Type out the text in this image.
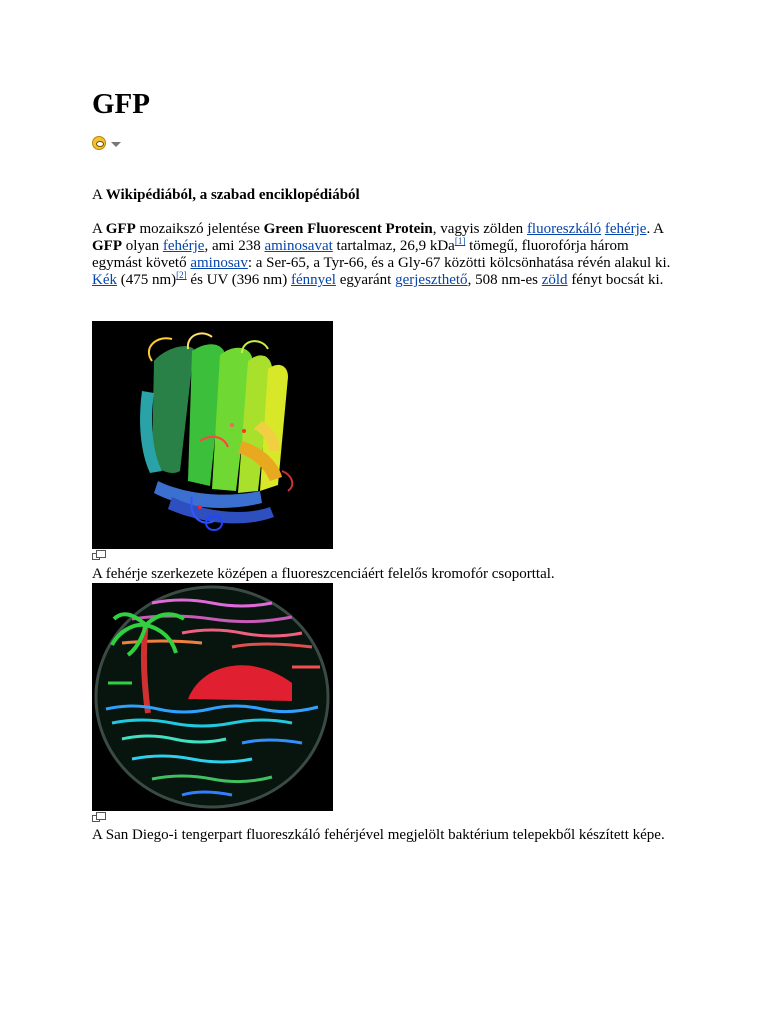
GFP
A Wikipédiából, a szabad enciklopédiából

A GFP mozaikszó jelentése Green Fluorescent Protein, vagyis zölden fluoreszkáló fehérje. A GFP olyan fehérje, ami 238 aminosavat tartalmaz, 26,9 kDa[1] tömegű, fluorofórja három egymást követő aminosav: a Ser-65, a Tyr-66, és a Gly-67 közötti kölcsönhatása révén alakul ki. Kék (475 nm)[2] és UV (396 nm) fénnyel egyaránt gerjeszthető, 508 nm-es zöld fényt bocsát ki.

A fehérje szerkezete középen a fluoreszcenciáért felelős kromofór csoporttal.
A San Diego-i tengerpart fluoreszkáló fehérjével megjelölt baktérium telepekből készített képe.
